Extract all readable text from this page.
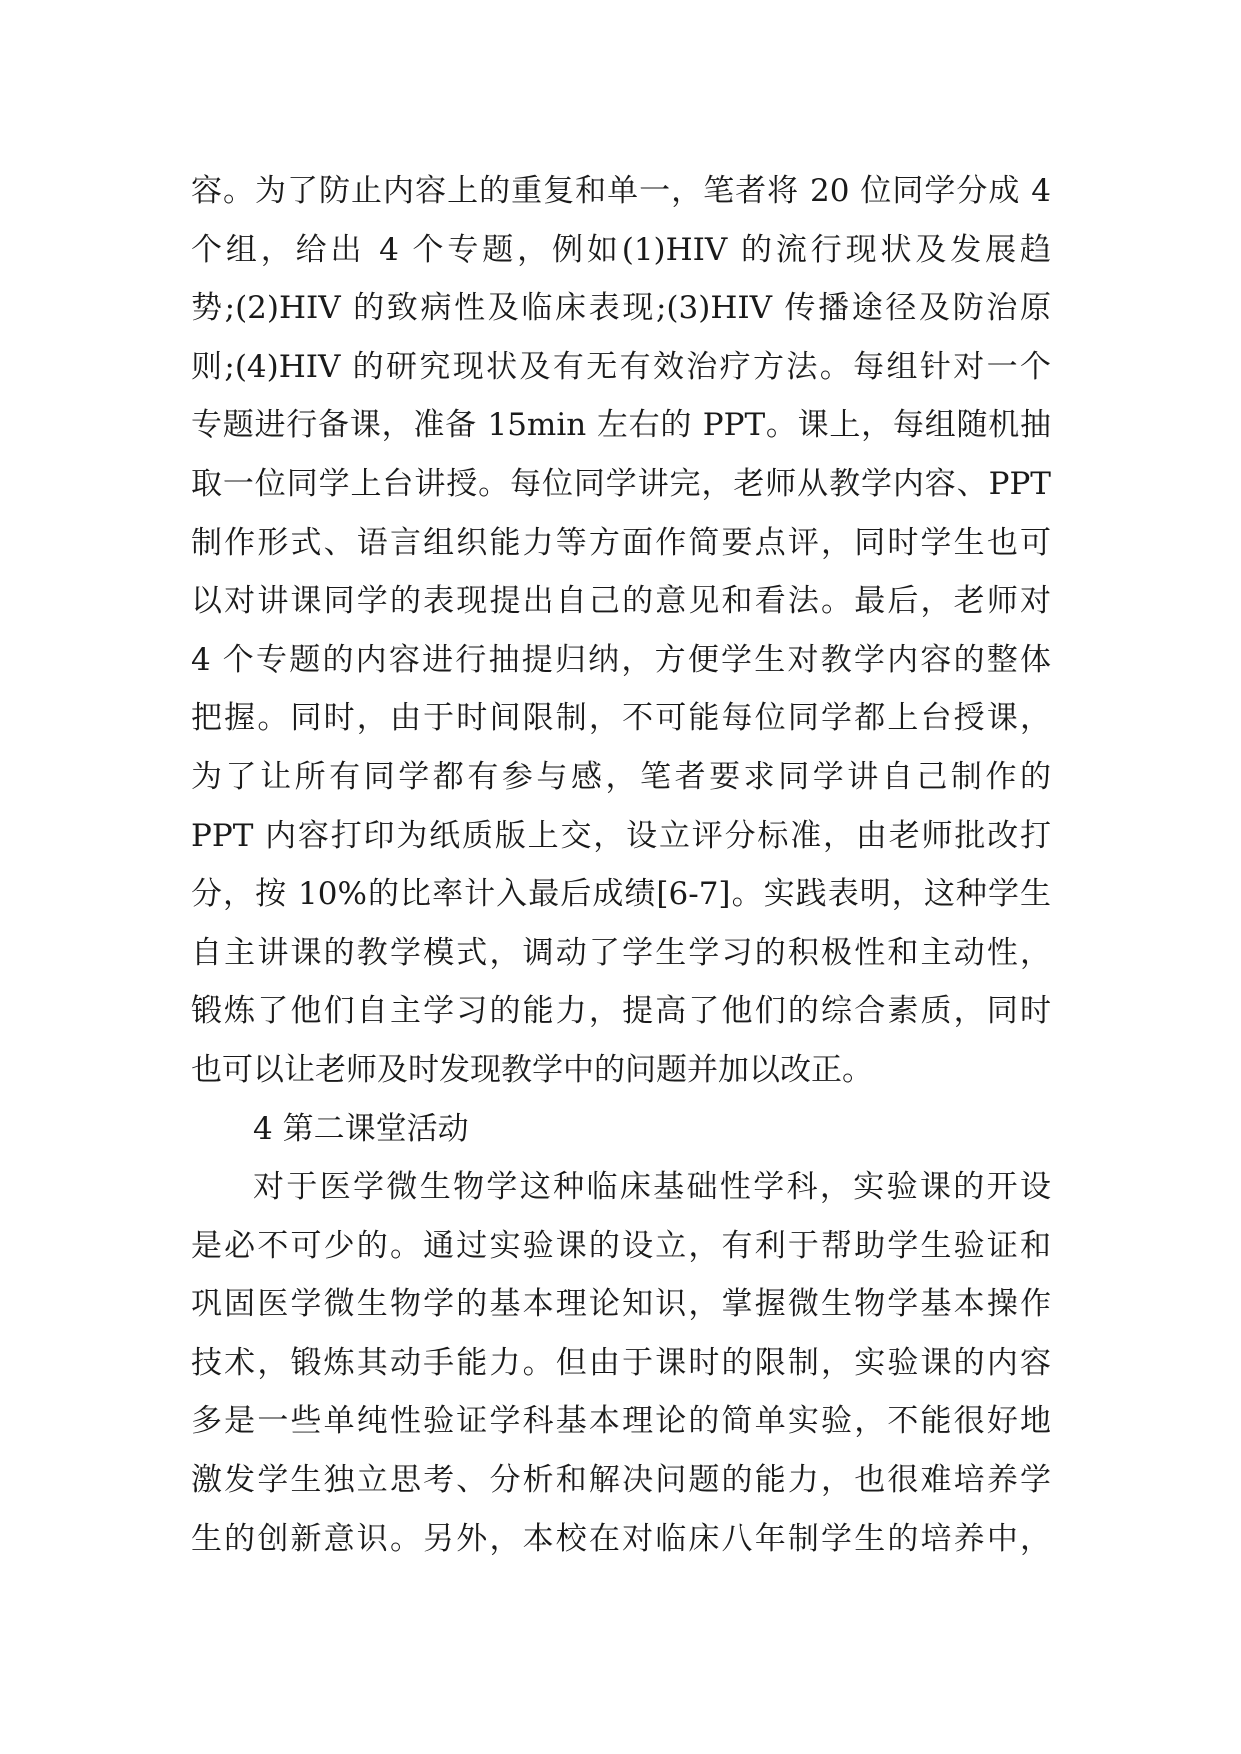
容。为了防止内容上的重复和单一，笔者将 20 位同学分成 4
个组，给出 4 个专题，例如(1)HIV 的流行现状及发展趋
势;(2)HIV 的致病性及临床表现;(3)HIV 传播途径及防治原
则;(4)HIV 的研究现状及有无有效治疗方法。每组针对一个
专题进行备课，准备 15min 左右的 PPT。课上，每组随机抽
取一位同学上台讲授。每位同学讲完，老师从教学内容、PPT
制作形式、语言组织能力等方面作简要点评，同时学生也可
以对讲课同学的表现提出自己的意见和看法。最后，老师对
4 个专题的内容进行抽提归纳，方便学生对教学内容的整体
把握。同时，由于时间限制，不可能每位同学都上台授课，
为了让所有同学都有参与感，笔者要求同学讲自己制作的
PPT 内容打印为纸质版上交，设立评分标准，由老师批改打
分，按 10%的比率计入最后成绩[6-7]。实践表明，这种学生
自主讲课的教学模式，调动了学生学习的积极性和主动性，
锻炼了他们自主学习的能力，提高了他们的综合素质，同时
也可以让老师及时发现教学中的问题并加以改正。
4 第二课堂活动
对于医学微生物学这种临床基础性学科，实验课的开设
是必不可少的。通过实验课的设立，有利于帮助学生验证和
巩固医学微生物学的基本理论知识，掌握微生物学基本操作
技术，锻炼其动手能力。但由于课时的限制，实验课的内容
多是一些单纯性验证学科基本理论的简单实验，不能很好地
激发学生独立思考、分析和解决问题的能力，也很难培养学
生的创新意识。另外，本校在对临床八年制学生的培养中，
